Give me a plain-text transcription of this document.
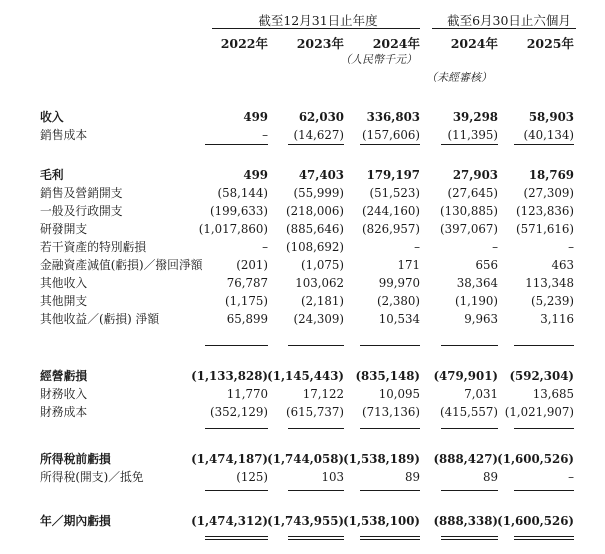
截至12月31日止年度	截至6月30日止六個月
2022年	2023年	2024年	2024年	2025年
（人民幣千元）
（未經審核）
收入	499	62,030	336,803	39,298	58,903
銷售成本	–	(14,627)	(157,606)	(11,395)	(40,134)
毛利	499	47,403	179,197	27,903	18,769
銷售及營銷開支	(58,144)	(55,999)	(51,523)	(27,645)	(27,309)
一般及行政開支	(199,633)	(218,006)	(244,160)	(130,885)	(123,836)
研發開支	(1,017,860)	(885,646)	(826,957)	(397,067)	(571,616)
若干資產的特別虧損	–	(108,692)	–	–	–
金融資產減值(虧損)／撥回淨額	(201)	(1,075)	171	656	463
其他收入	76,787	103,062	99,970	38,364	113,348
其他開支	(1,175)	(2,181)	(2,380)	(1,190)	(5,239)
其他收益／(虧損) 淨額	65,899	(24,309)	10,534	9,963	3,116
經營虧損	(1,133,828) (1,145,443) (835,148)	(479,901) (592,304)
財務收入	11,770	17,122	10,095	7,031	13,685
財務成本	(352,129)	(615,737)	(713,136)	(415,557) (1,021,907)
所得稅前虧損	(1,474,187) (1,744,058) (1,538,189)	(888,427) (1,600,526)
所得稅(開支)／抵免	(125)	103	89	89	–
年／期內虧損	(1,474,312) (1,743,955) (1,538,100)	(888,338) (1,600,526)
